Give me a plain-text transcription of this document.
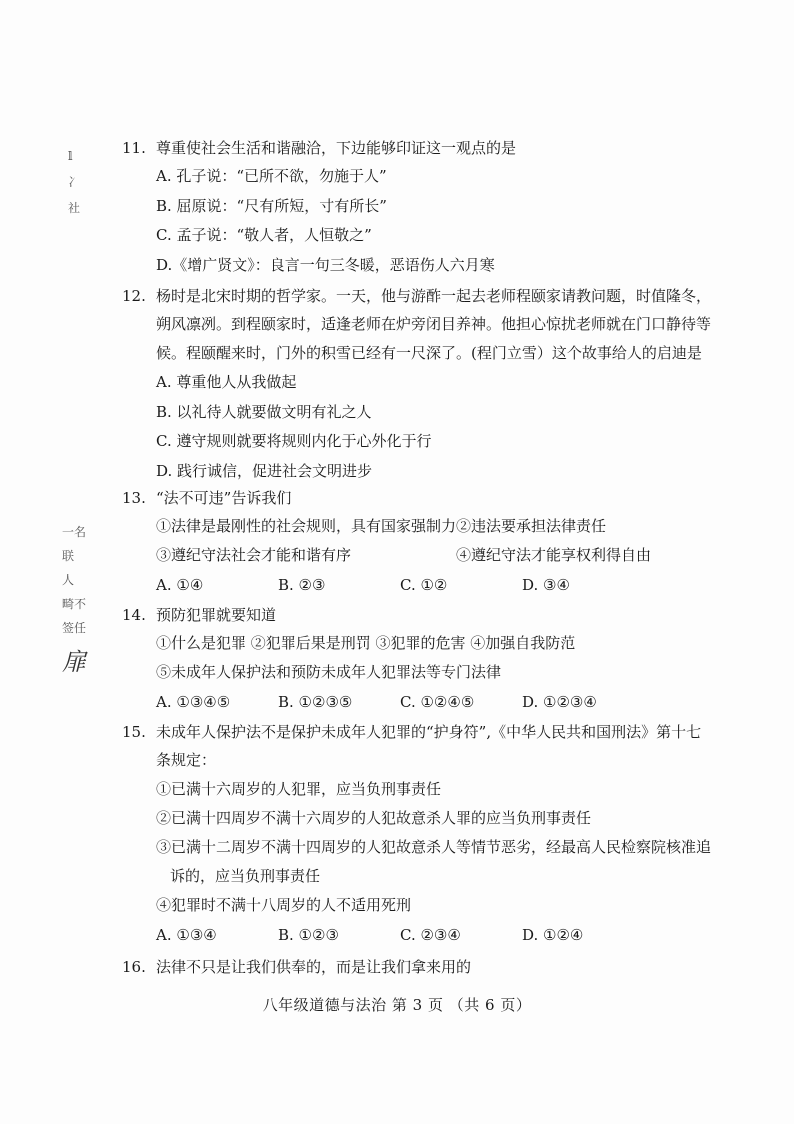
𝕝
冫
社
一名
联
人
畸不
签任
扉
11. 尊重使社会生活和谐融洽，下边能够印证这一观点的是
A. 孔子说：“已所不欲，勿施于人”
B. 屈原说：“尺有所短，寸有所长”
C. 孟子说：“敬人者，人恒敬之”
D.《增广贤文》：良言一句三冬暖，恶语伤人六月寒
12. 杨时是北宋时期的哲学家。一天，他与游酢一起去老师程颐家请教问题，时值隆冬，
朔风凛冽。到程颐家时，适逢老师在炉旁闭目养神。他担心惊扰老师就在门口静待等
候。程颐醒来时，门外的积雪已经有一尺深了。(程门立雪）这个故事给人的启迪是
A. 尊重他人从我做起
B. 以礼待人就要做文明有礼之人
C. 遵守规则就要将规则内化于心外化于行
D. 践行诚信，促进社会文明进步
13. “法不可违”告诉我们
①法律是最刚性的社会规则，具有国家强制力 ②违法要承担法律责任
③遵纪守法社会才能和谐有序	④遵纪守法才能享权利得自由
A. ①④	B. ②③	C. ①②	D. ③④
14. 预防犯罪就要知道
①什么是犯罪 ②犯罪后果是刑罚 ③犯罪的危害 ④加强自我防范
⑤未成年人保护法和预防未成年人犯罪法等专门法律
A. ①③④⑤	B. ①②③⑤	C. ①②④⑤	D. ①②③④
15. 未成年人保护法不是保护未成年人犯罪的“护身符”,《中华人民共和国刑法》第十七
条规定：
①已满十六周岁的人犯罪，应当负刑事责任
②已满十四周岁不满十六周岁的人犯故意杀人罪的应当负刑事责任
③已满十二周岁不满十四周岁的人犯故意杀人等情节恶劣，经最高人民检察院核准追
诉的，应当负刑事责任
④犯罪时不满十八周岁的人不适用死刑
A. ①③④	B. ①②③	C. ②③④	D. ①②④
16. 法律不只是让我们供奉的，而是让我们拿来用的
八年级道德与法治 第 3 页 （共 6 页）
